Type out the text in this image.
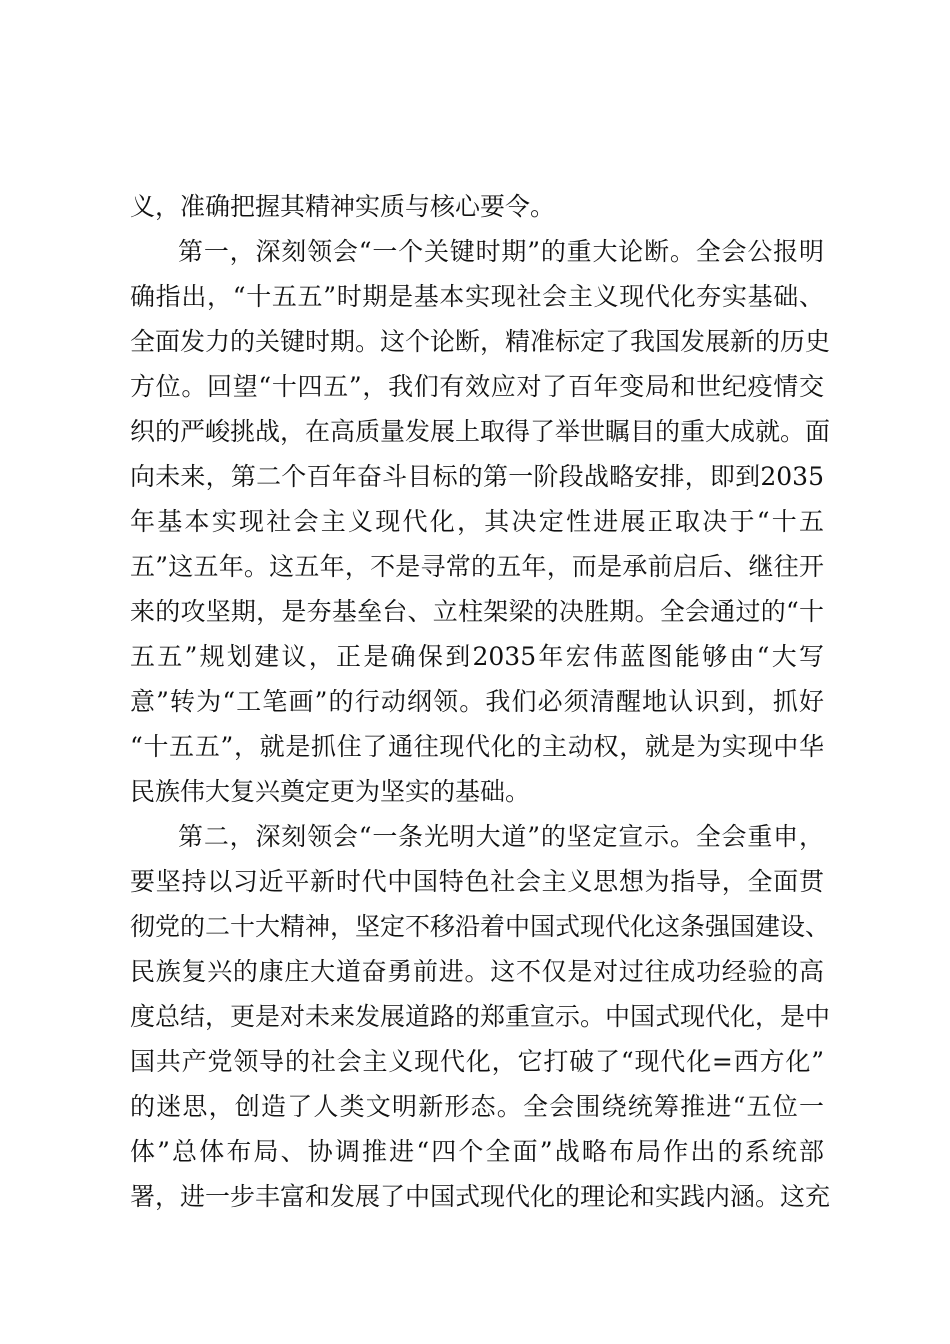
义，准确把握其精神实质与核心要令。
第一，深刻领会“一个关键时期”的重大论断。全会公报明
确指出，“十五五”时期是基本实现社会主义现代化夯实基础、
全面发力的关键时期。这个论断，精准标定了我国发展新的历史
方位。回望“十四五”，我们有效应对了百年变局和世纪疫情交
织的严峻挑战，在高质量发展上取得了举世瞩目的重大成就。面
向未来，第二个百年奋斗目标的第一阶段战略安排，即到2035
年基本实现社会主义现代化，其决定性进展正取决于“十五
五”这五年。这五年，不是寻常的五年，而是承前启后、继往开
来的攻坚期，是夯基垒台、立柱架梁的决胜期。全会通过的“十
五五”规划建议，正是确保到2035年宏伟蓝图能够由“大写
意”转为“工笔画”的行动纲领。我们必须清醒地认识到，抓好
“十五五”，就是抓住了通往现代化的主动权，就是为实现中华
民族伟大复兴奠定更为坚实的基础。
第二，深刻领会“一条光明大道”的坚定宣示。全会重申，
要坚持以习近平新时代中国特色社会主义思想为指导，全面贯
彻党的二十大精神，坚定不移沿着中国式现代化这条强国建设、
民族复兴的康庄大道奋勇前进。这不仅是对过往成功经验的高
度总结，更是对未来发展道路的郑重宣示。中国式现代化，是中
国共产党领导的社会主义现代化，它打破了“现代化=西方化”
的迷思，创造了人类文明新形态。全会围绕统筹推进“五位一
体”总体布局、协调推进“四个全面”战略布局作出的系统部
署，进一步丰富和发展了中国式现代化的理论和实践内涵。这充
